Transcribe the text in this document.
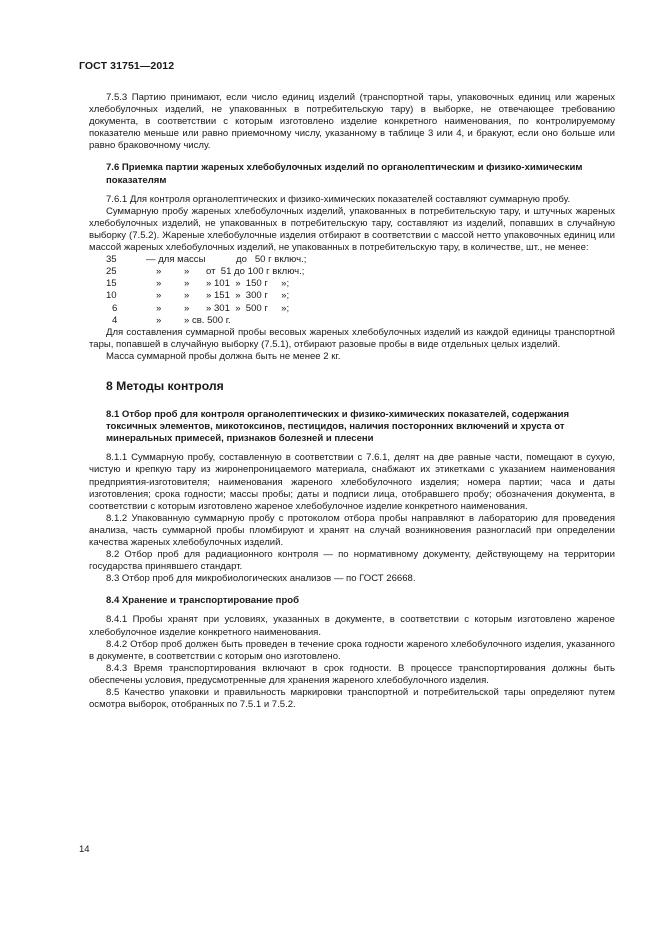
ГОСТ 31751—2012

7.5.3 Партию принимают, если число единиц изделий (транспортной тары, упаковочных единиц или жареных хлебобулочных изделий, не упакованных в потребительскую тару) в выборке, не отвечающее требованию документа, в соответствии с которым изготовлено изделие конкретного наименования, по контролируемому показателю меньше или равно приемочному числу, указанному в таблице 3 или 4, и бракуют, если оно больше или равно браковочному числу.

7.6 Приемка партии жареных хлебобулочных изделий по органолептическим и физико-химическим показателям

7.6.1 Для контроля органолептических и физико-химических показателей составляют суммарную пробу.

Суммарную пробу жареных хлебобулочных изделий, упакованных в потребительскую тару, и штучных жареных хлебобулочных изделий, не упакованных в потребительскую тару, составляют из изделий, попавших в случайную выборку (7.5.2). Жареные хлебобулочные изделия отбирают в соответствии с массой нетто упаковочных единиц или массой жареных хлебобулочных изделий, не упакованных в потребительскую тару, в количестве, шт., не менее:

35	— для массы	до   50 г включ.;
25	»	»	от  51 до 100 г включ.;
15	»	»	» 101  »  150 г     »;
10	»	»	» 151  »  300 г     »;
6	»	»	» 301  »  500 г     »;
4	»	» св. 500 г.

Для составления суммарной пробы весовых жареных хлебобулочных изделий из каждой единицы транспортной тары, попавшей в случайную выборку (7.5.1), отбирают разовые пробы в виде отдельных целых изделий.

Масса суммарной пробы должна быть не менее 2 кг.

8 Методы контроля

8.1 Отбор проб для контроля органолептических и физико-химических показателей, содержания токсичных элементов, микотоксинов, пестицидов, наличия посторонних включений и хруста от минеральных примесей, признаков болезней и плесени

8.1.1 Суммарную пробу, составленную в соответствии с 7.6.1, делят на две равные части, помещают в сухую, чистую и крепкую тару из жиронепроницаемого материала, снабжают их этикетками с указанием наименования предприятия-изготовителя; наименования жареного хлебобулочного изделия; номера партии; часа и даты изготовления; срока годности; массы пробы; даты и подписи лица, отобравшего пробу; обозначения документа, в соответствии с которым изготовлено жареное хлебобулочное изделие конкретного наименования.

8.1.2 Упакованную суммарную пробу с протоколом отбора пробы направляют в лабораторию для проведения анализа, часть суммарной пробы пломбируют и хранят на случай возникновения разногласий при определении качества жареных хлебобулочных изделий.

8.2 Отбор проб для радиационного контроля — по нормативному документу, действующему на территории государства принявшего стандарт.

8.3 Отбор проб для микробиологических анализов — по ГОСТ 26668.

8.4 Хранение и транспортирование проб

8.4.1 Пробы хранят при условиях, указанных в документе, в соответствии с которым изготовлено жареное хлебобулочное изделие конкретного наименования.

8.4.2 Отбор проб должен быть проведен в течение срока годности жареного хлебобулочного изделия, указанного в документе, в соответствии с которым оно изготовлено.

8.4.3 Время транспортирования включают в срок годности. В процессе транспортирования должны быть обеспечены условия, предусмотренные для хранения жареного хлебобулочного изделия.

8.5 Качество упаковки и правильность маркировки транспортной и потребительской тары определяют путем осмотра выборок, отобранных по 7.5.1 и 7.5.2.

14
